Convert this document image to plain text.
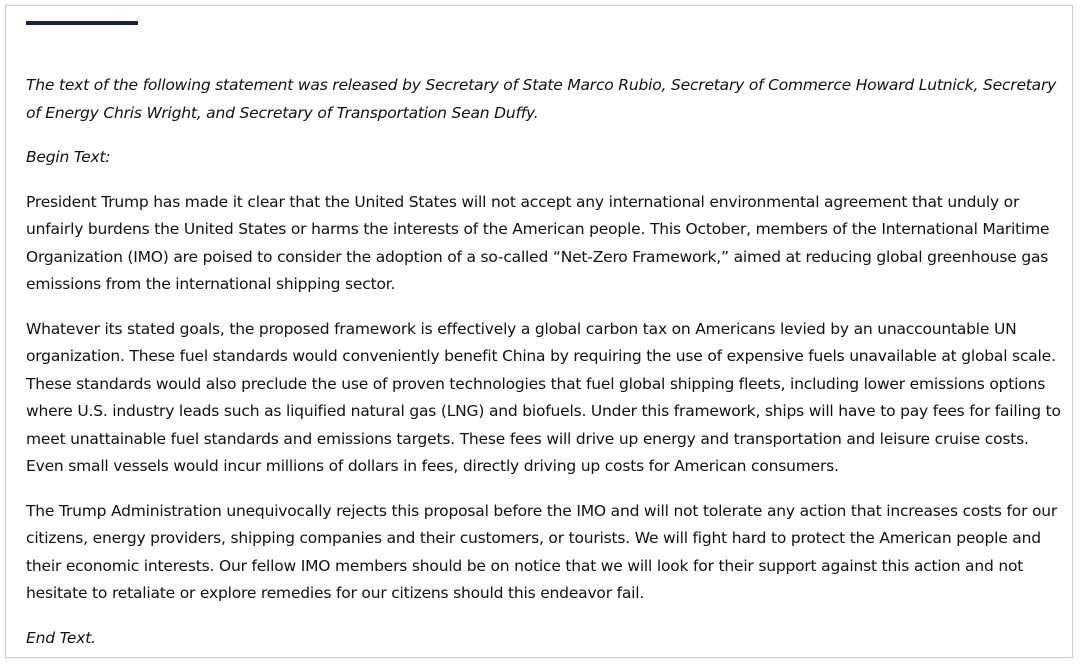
The text of the following statement was released by Secretary of State Marco Rubio, Secretary of Commerce Howard Lutnick, Secretary of Energy Chris Wright, and Secretary of Transportation Sean Duffy.

Begin Text:

President Trump has made it clear that the United States will not accept any international environmental agreement that unduly or unfairly burdens the United States or harms the interests of the American people. This October, members of the International Maritime Organization (IMO) are poised to consider the adoption of a so-called “Net-Zero Framework,” aimed at reducing global greenhouse gas emissions from the international shipping sector.

Whatever its stated goals, the proposed framework is effectively a global carbon tax on Americans levied by an unaccountable UN organization. These fuel standards would conveniently benefit China by requiring the use of expensive fuels unavailable at global scale. These standards would also preclude the use of proven technologies that fuel global shipping fleets, including lower emissions options where U.S. industry leads such as liquified natural gas (LNG) and biofuels. Under this framework, ships will have to pay fees for failing to meet unattainable fuel standards and emissions targets. These fees will drive up energy and transportation and leisure cruise costs. Even small vessels would incur millions of dollars in fees, directly driving up costs for American consumers.

The Trump Administration unequivocally rejects this proposal before the IMO and will not tolerate any action that increases costs for our citizens, energy providers, shipping companies and their customers, or tourists. We will fight hard to protect the American people and their economic interests. Our fellow IMO members should be on notice that we will look for their support against this action and not hesitate to retaliate or explore remedies for our citizens should this endeavor fail.

End Text.
